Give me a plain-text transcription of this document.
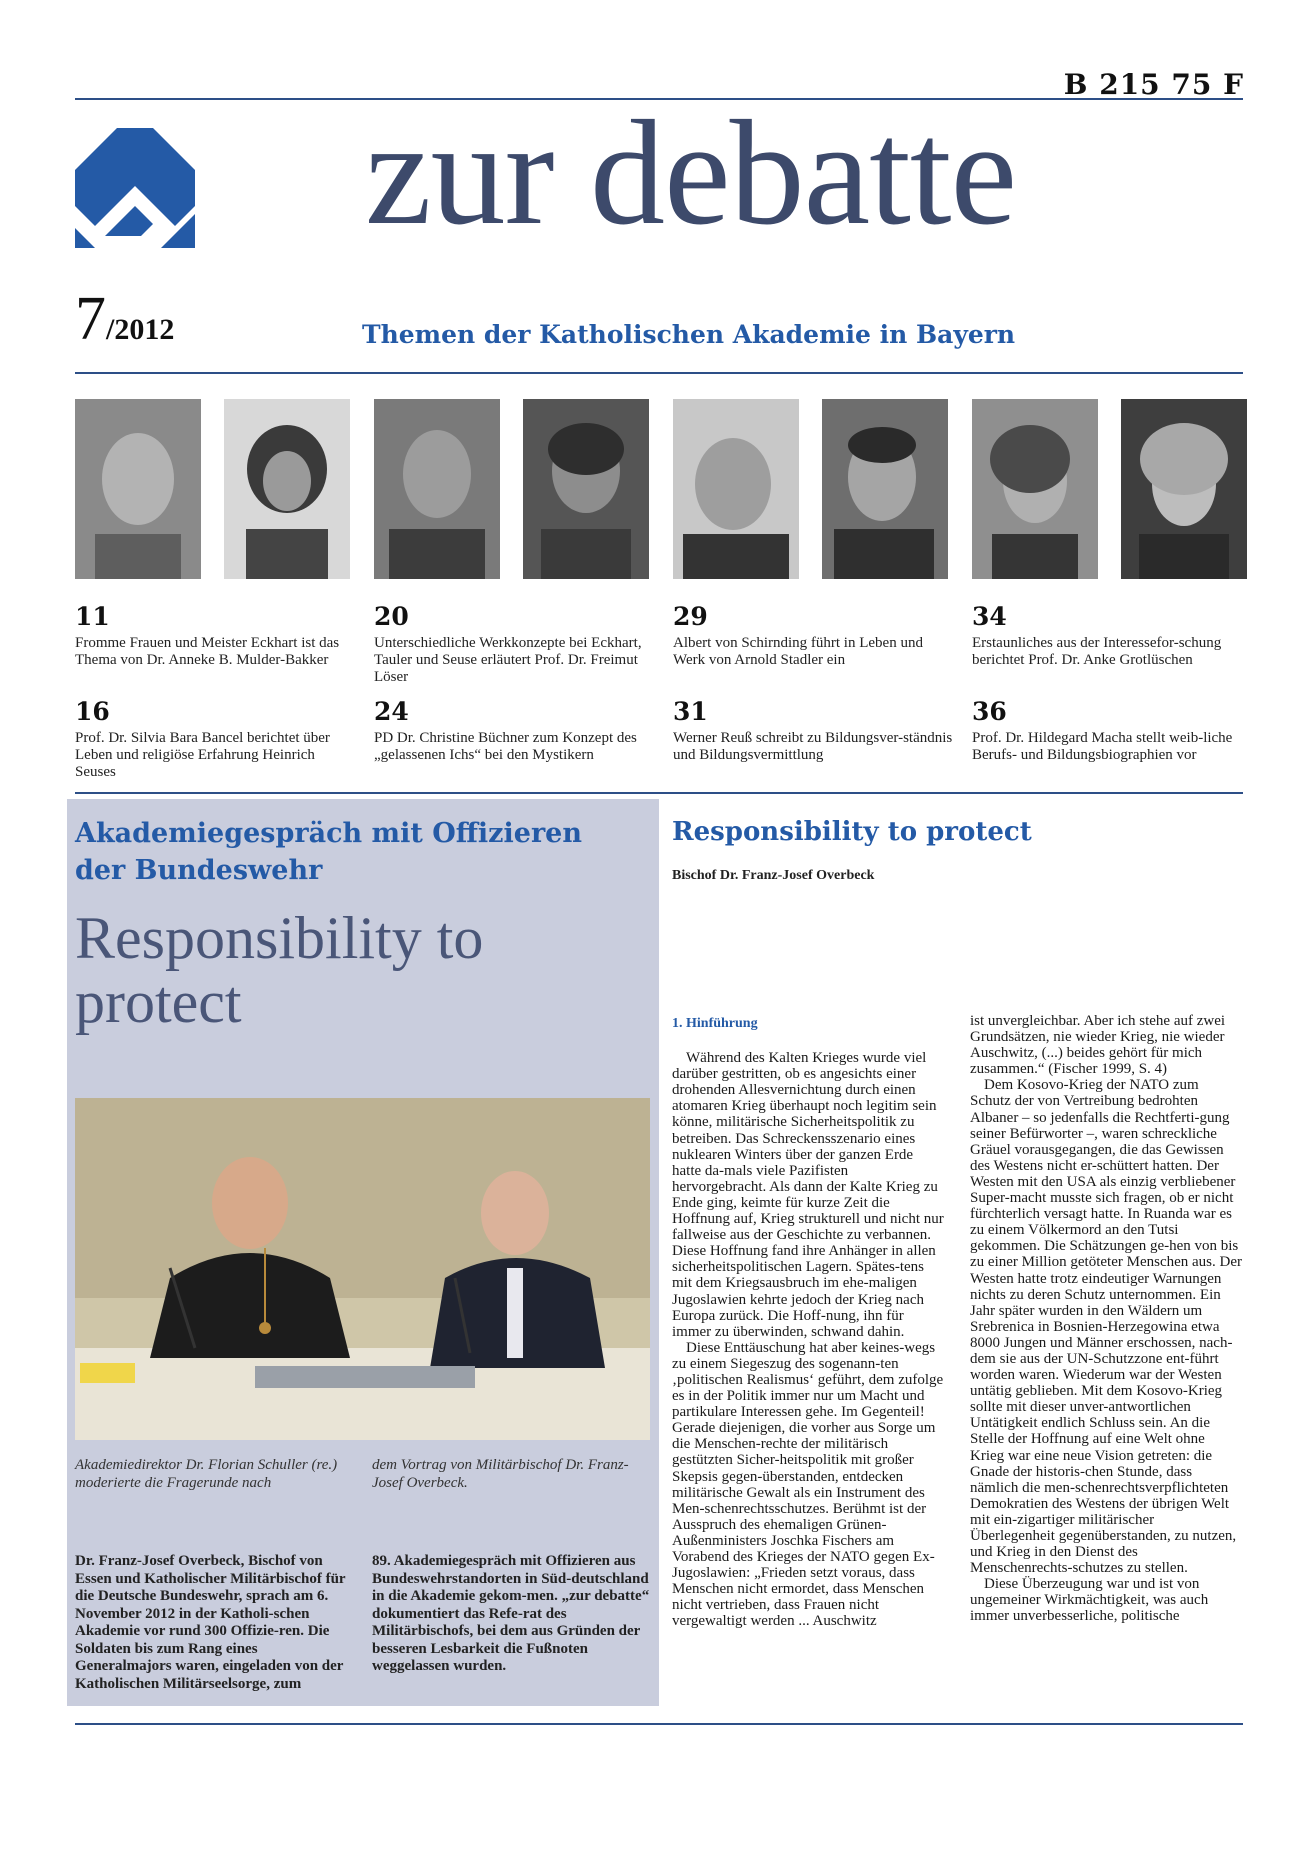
B 215 75 F
zur debatte
7/2012	Themen der Katholischen Akademie in Bayern
11
Fromme Frauen und Meister Eckhart ist das Thema von Dr. Anneke B. Mulder-Bakker
20
Unterschiedliche Werkkonzepte bei Eckhart, Tauler und Seuse erläutert Prof. Dr. Freimut Löser
29
Albert von Schirnding führt in Leben und Werk von Arnold Stadler ein
34
Erstaunliches aus der Interessefor-schung berichtet Prof. Dr. Anke Grotlüschen
16
Prof. Dr. Silvia Bara Bancel berichtet über Leben und religiöse Erfahrung Heinrich Seuses
24
PD Dr. Christine Büchner zum Konzept des „gelassenen Ichs“ bei den Mystikern
31
Werner Reuß schreibt zu Bildungsver-ständnis und Bildungsvermittlung
36
Prof. Dr. Hildegard Macha stellt weib-liche Berufs- und Bildungsbiographien vor
Akademiegespräch mit Offizieren der Bundeswehr
Responsibility to protect
Akademiedirektor Dr. Florian Schuller (re.) moderierte die Fragerunde nach
dem Vortrag von Militärbischof Dr. Franz-Josef Overbeck.
Dr. Franz-Josef Overbeck, Bischof von Essen und Katholischer Militärbischof für die Deutsche Bundeswehr, sprach am 6. November 2012 in der Katholi-schen Akademie vor rund 300 Offizie-ren. Die Soldaten bis zum Rang eines Generalmajors waren, eingeladen von der Katholischen Militärseelsorge, zum
89. Akademiegespräch mit Offizieren aus Bundeswehrstandorten in Süd-deutschland in die Akademie gekom-men. „zur debatte“ dokumentiert das Refe-rat des Militärbischofs, bei dem aus Gründen der besseren Lesbarkeit die Fußnoten weggelassen wurden.
Responsibility to protect
Bischof Dr. Franz-Josef Overbeck
1. Hinführung

Während des Kalten Krieges wurde viel darüber gestritten, ob es angesichts einer drohenden Allesvernichtung durch einen atomaren Krieg überhaupt noch legitim sein könne, militärische Sicherheitspolitik zu betreiben. Das Schreckensszenario eines nuklearen Winters über der ganzen Erde hatte da-mals viele Pazifisten hervorgebracht. Als dann der Kalte Krieg zu Ende ging, keimte für kurze Zeit die Hoffnung auf, Krieg strukturell und nicht nur fallweise aus der Geschichte zu verbannen. Diese Hoffnung fand ihre Anhänger in allen sicherheitspolitischen Lagern. Spätes-tens mit dem Kriegsausbruch im ehe-maligen Jugoslawien kehrte jedoch der Krieg nach Europa zurück. Die Hoff-nung, ihn für immer zu überwinden, schwand dahin.

Diese Enttäuschung hat aber keines-wegs zu einem Siegeszug des sogenann-ten ‚politischen Realismus‘ geführt, dem zufolge es in der Politik immer nur um Macht und partikulare Interessen gehe. Im Gegenteil! Gerade diejenigen, die vorher aus Sorge um die Menschen-rechte der militärisch gestützten Sicher-heitspolitik mit großer Skepsis gegen-überstanden, entdecken militärische Gewalt als ein Instrument des Men-schenrechtsschutzes. Berühmt ist der Ausspruch des ehemaligen Grünen-Außenministers Joschka Fischers am Vorabend des Krieges der NATO gegen Ex-Jugoslawien: „Frieden setzt voraus, dass Menschen nicht ermordet, dass Menschen nicht vertrieben, dass Frauen nicht vergewaltigt werden ... Auschwitz

ist unvergleichbar. Aber ich stehe auf zwei Grundsätzen, nie wieder Krieg, nie wieder Auschwitz, (...) beides gehört für mich zusammen.“ (Fischer 1999, S. 4)

Dem Kosovo-Krieg der NATO zum Schutz der von Vertreibung bedrohten Albaner – so jedenfalls die Rechtferti-gung seiner Befürworter –, waren schreckliche Gräuel vorausgegangen, die das Gewissen des Westens nicht er-schüttert hatten. Der Westen mit den USA als einzig verbliebener Super-macht musste sich fragen, ob er nicht fürchterlich versagt hatte. In Ruanda war es zu einem Völkermord an den Tutsi gekommen. Die Schätzungen ge-hen von bis zu einer Million getöteter Menschen aus. Der Westen hatte trotz eindeutiger Warnungen nichts zu deren Schutz unternommen. Ein Jahr später wurden in den Wäldern um Srebrenica in Bosnien-Herzegowina etwa 8000 Jungen und Männer erschossen, nach-dem sie aus der UN-Schutzzone ent-führt worden waren. Wiederum war der Westen untätig geblieben. Mit dem Kosovo-Krieg sollte mit dieser unver-antwortlichen Untätigkeit endlich Schluss sein. An die Stelle der Hoffnung auf eine Welt ohne Krieg war eine neue Vision getreten: die Gnade der historis-chen Stunde, dass nämlich die men-schenrechtsverpflichteten Demokratien des Westens der übrigen Welt mit ein-zigartiger militärischer Überlegenheit gegenüberstanden, zu nutzen, und Krieg in den Dienst des Menschenrechts-schutzes zu stellen.

Diese Überzeugung war und ist von ungemeiner Wirkmächtigkeit, was auch immer unverbesserliche, politische
